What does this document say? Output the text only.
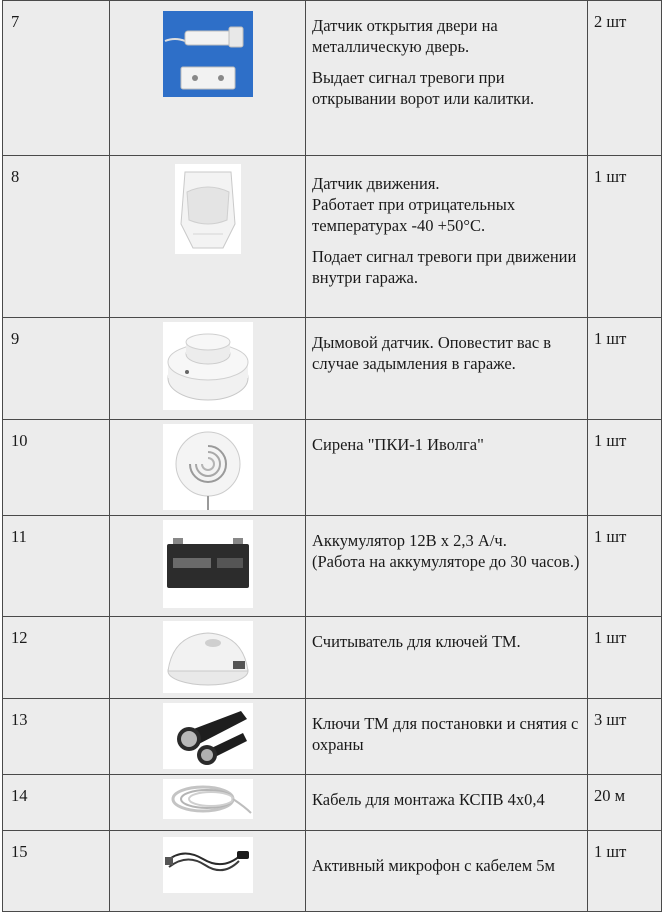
7		Датчик открытия двери на металлическую дверь.

Выдает сигнал тревоги при открывании ворот или калитки.	2 шт
8		Датчик движения.

Работает при отрицательных температурах -40 +50°С.

Подает сигнал тревоги при движении внутри гаража.	1 шт
9		Дымовой датчик. Оповестит вас в случае задымления в гараже.	1 шт
10		Сирена "ПКИ-1 Иволга"	1 шт
11		Аккумулятор 12В х 2,3 А/ч.

(Работа на аккумуляторе до 30 часов.)	1 шт
12		Считыватель для ключей ТМ.	1 шт
13		Ключи ТМ для постановки и снятия с охраны	3 шт
14		Кабель для монтажа КСПВ 4х0,4	20 м
15		Активный микрофон с кабелем 5м	1 шт
